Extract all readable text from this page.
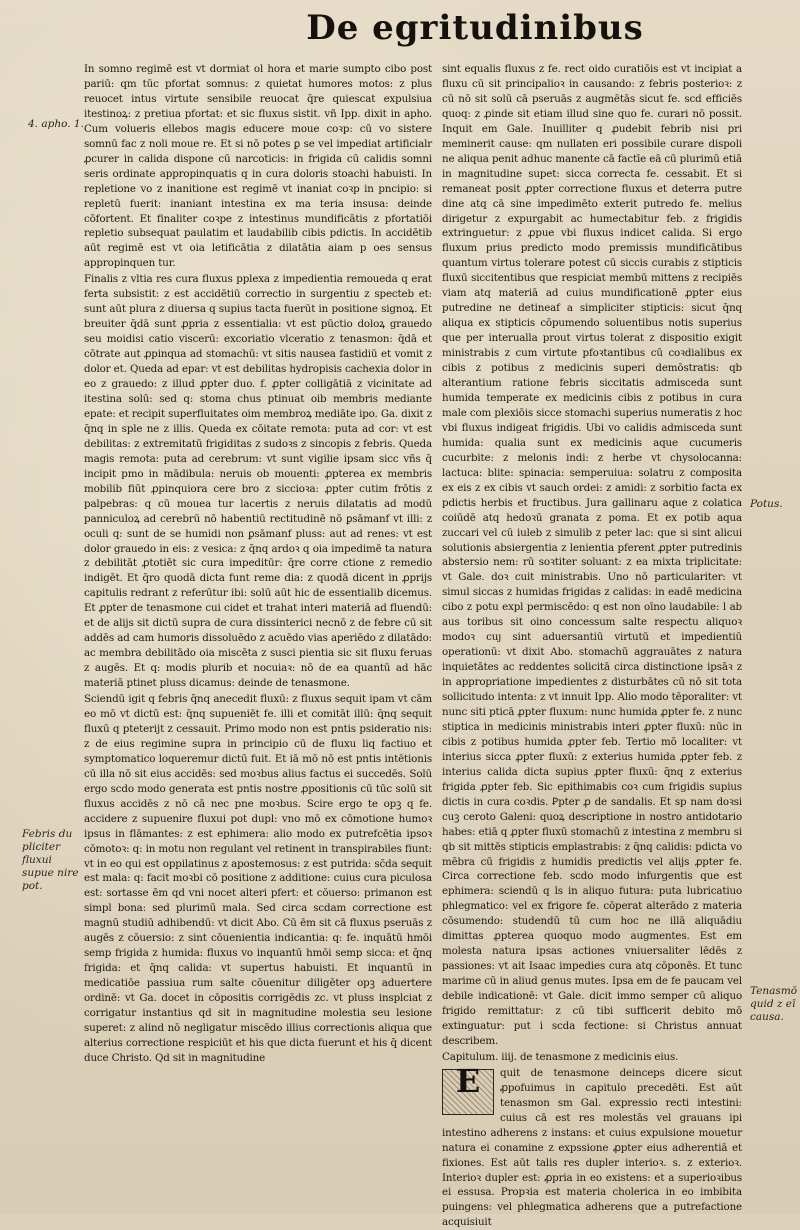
De egritudinibus
4. apho. 1.
Febris du pliciter fluxui supue nire pot.
Potus.
Tenasmō quid z eī causa.

In somno regimē est vt dormiat ol hora et marie sumpto cibo post pariū: qm tūc pfortat somnus: z quietat humores motos: z plus reuocet intus virtute sensibile reuocat q̄re quiescat expulsiua itestinoꝝ: z pretiua pfortat: et sic fluxus sistit. vñ Ipp. dixit in apho. Cum volueris ellebos magis educere moue coꝛp: cū vo sistere somnū fac z noli moue re. Et si nō potes ꝑ se vel impediat artificialr ꝓcurer in calida dispone cū narcoticis: in frigida cū calidis somni seris ordinate appropinquatis q in cura doloris stoachi habuisti. In repletione vo z inanitione est regimē vt inaniat coꝛp in pncipio: si repletū fuerit: inaniant intestina ex ma teria insusa: deinde cōfortent. Et finaliter coꝛpe z intestinus mundificātis z pfortatiōi repletio subsequat paulatim et laudabilib cibis pdictis. In accidētib aūt regimē est vt oia letificātia z dilatātia aiam p oes sensus appropinquen tur.

Finalis z vltia res cura fluxus pplexa z impedientia remoueda q erat ferta subsistit: z est accidētiū correctio in surgentiu z specteb et: sunt aūt plura z diuersa q supius tacta fuerūt in positione signoꝝ. Et breuiter q̄dā sunt ꝓpria z essentialia: vt est pūctio doloꝝ grauedo seu moidisi catio viscerū: excoriatio vlceratio z tenasmon: q̄dā et cōtrate aut ꝓpinqua ad stomachū: vt sitis nausea fastidiū et vomit z dolor et. Queda ad epar: vt est debilitas hydropisis cachexia dolor in eo z grauedo: z illud ꝓpter duo. f. ꝓpter colligātiā z vicinitate ad itestina solū: sed q: stoma chus ptinuat oib membris mediante epate: et recipit superfluitates oim membroꝝ mediāte ipo. Ga. dixit z q̄nq in sple ne z illis. Queda ex cōitate remota: puta ad cor: vt est debilitas: z extremitatū frigiditas z sudoꝛs z sincopis z febris. Queda magis remota: puta ad cerebrum: vt sunt vigilie ipsam sicc vñs q̄ incipit pmo in mādibula: neruis ob mouenti: ꝓpterea ex membris mobilib fiūt ꝓpinquiora cere bro z siccioꝛa: ꝓpter cutim frōtis z palpebras: q cū mouea tur lacertis z neruis dilatatis ad modū panniculoꝝ ad cerebrū nō habentiū rectitudinē nō ꝑsāmanf vt illi: z oculi q: sunt de se humidi non ꝑsāmanf pluss: aut ad renes: vt est dolor grauedo in eis: z vesica: z q̄nq ardoꝛ q oia impedimē ta natura z debilitāt ꝓtotiēt sic cura impeditūr: q̄re corre ctione z remedio indigēt. Et q̄ro quodā dicta funt reme dia: z quodā dicent in ꝓprijs capitulis redrant z referūtur ibi: solū aūt hic de essentialib dicemus. Et ꝓpter de tenasmone cui cidet et trahat interi materiā ad fluendū: et de alijs sit dictū supra de cura dissinterici necnō z de febre cū sit addēs ad cam humoris dissoluēdo z acuēdo vias aperiēdo z dilatādo: ac membra debilitādo oia miscēta z susci pientia sic sit fluxu feruas z augēs. Et q: modis plurib et nocuiaꝛ: nō de ea quantū ad hāc materiā ptinet pluss dicamus: deinde de tenasmone.

Sciendū igit q febris q̄nq anecedit fluxū: z fluxus sequit ipam vt cām eo mō vt dictū est: q̄nq supueniēt fe. illi et comitāt illū: q̄nq sequit fluxū q pteterijt z cessauit. Primo modo non est pntis psideratio nis: z de eius regimine supra in principio cū de fluxu liq factiuo et symptomatico loqueremur dictū fuit. Et iā mō nō est pntis intētionis cū illa nō sit eius accidēs: sed moꝛbus alius factus ei succedēs. Solū ergo scdo modo generata est pntis nostre ꝓpositionis cū tūc solū sit fluxus accidēs z nō cā nec pne moꝛbus. Scire ergo te opꝫ q fe. accidere z supuenire fluxui pot dupl: vno mō ex cōmotione humoꝛ ipsus in flāmantes: z est ephimera: alio modo ex putrefcētia ipsoꝛ cōmotoꝛ: q: in motu non regulant vel retinent in transpirabiles fiunt: vt in eo qui est oppilatinus z apostemosus: z est putrida: sc̄da sequit est mala: q: facit moꝛbi cō positione z additione: cuius cura piculosa est: sortasse ēm qd vni nocet alteri pfert: et cōuerso: primanon est simpl bona: sed plurimū mala. Sed circa scdam correctione est magnū studiū adhibendū: vt dicit Abo. Cū ēm sit cā fluxus pseruās z augēs z cōuersio: z sint cōuenientia indicantia: q: fe. inquātū hmōi semp frigida z humida: fluxus vo inquantū hmōi semp sicca: et q̄nq frigida: et q̄nq calida: vt supertus habuisti. Et inquantū in medicatiōe passiua rum salte cōuenitur diligēter opꝫ aduertere ordinē: vt Ga. docet in cōpositis corrigēdis zc. vt pluss insplciat z corrigatur instantius qd sit in magnitudine molestia seu lesione superet: z alind nō negligatur miscēdo illius correctionis aliqua que alterius correctione respiciūt et his que dicta fuerunt et his q̄ dicent duce Christo. Qd sit in magnitudine

sint equalis fluxus z fe. rect oido curatiōis est vt incipiat a fluxu cū sit principalioꝛ in causando: z febris posterioꝛ: z cū nō sit solū cā pseruās z augmētās sicut fe. scd efficiēs quoq: z ꝓinde sit etiam illud sine quo fe. curari nō possit. Inquit em Gale. Inuilliter q ꝓudebit febrib nisi pri meminerit cause: qm nullaten eri possibile curare dispoli ne aliqua penit adhuc manente cā factīe eā cū plurimū etiā in magnitudine supet: sicca correcta fe. cessabit. Et si remaneat posit ꝓpter correctione fluxus et deterra putre dine atq cā sine impedimēto exterit putredo fe. melius dirigetur z expurgabit ac humectabitur feb. z frigidis extringuetur: z ꝓpue vbi fluxus indicet calida. Si ergo fluxum prius predicto modo premissis mundificātibus quantum virtus tolerare potest cū siccis curabis z stipticis fluxū siccitentibus que respiciat membū mittens z recipiēs viam atq materiā ad cuius mundificationē ꝓpter eius putredine ne detineaf a simpliciter stipticis: sicut q̄nq aliqua ex stipticis cōpumendo soluentibus notis superius que per interualla prout virtus tolerat z dispositio exigit ministrabis z cum virtute pfoꝛtantibus cū coꝛdialibus ex cibis z potibus z medicinis superi demōstratis: qb alterantium ratione febris siccitatis admisceda sunt humida temperate ex medicinis cibis z potibus in cura male com plexiōis sicce stomachi superius numeratis z hoc vbi fluxus indigeat frigidis. Ubi vo calidis admisceda sunt humida: qualia sunt ex medicinis aque cucumeris cucurbite: z melonis indi: z herbe vt chysolocanna: lactuca: blite: spinacia: semperuiua: solatru z composita ex eis z ex cibis vt sauch ordei: z amidi: z sorbitio facta ex pdictis herbis et fructibus. Jura gallinaru aque z colatica coiūdē atq hedoꝛū granata z poma. Et ex potib aqua zuccari vel cū iuleb z simulib z peter lac: que si sint alicui solutionis absiergentia z lenientia pferent ꝓpter putredinis abstersio nem: rū soꝛtiter soluant: z ea mixta triplicitate: vt Gale. doꝛ cuit ministrabis. Uno nō particulariter: vt simul siccas z humidas frigidas z calidas: in eadē medicina cibo z potu expl permiscēdo: q est non oīno laudabile: l ab aus toribus sit oino concessum salte respectu aliquoꝛ modoꝛ cuȷ sint aduersantiū virtutū et impedientiū operationū: vt dixit Abo. stomachū aggrauātes z natura inquietātes ac reddentes solicitā circa distinctione ipsāꝛ z in appropriatione impedientes z disturbātes cū nō sit tota sollicitudo intenta: z vt innuit Ipp. Alio modo tēporaliter: vt nunc siti pticā ꝓpter fluxum: nunc humida ꝓpter fe. z nunc stiptica in medicinis ministrabis interi ꝓpter fluxū: nūc in cibis z potibus humida ꝓpter feb. Tertio mō localiter: vt interius sicca ꝓpter fluxū: z exterius humida ꝓpter feb. z interius calida dicta supius ꝓpter fluxū: q̄nq z exterius frigida ꝓpter feb. Sic epithimabis coꝛ cum frigidis supius dictis in cura coꝛdis. Ꝑpter ꝓ de sandalis. Et sp nam doꝛsi cuꝫ ceroto Galeni: quoꝝ descriptione in nostro antidotario habes: etiā q ꝓpter fluxū stomachū z intestina z membru si qb sit mittēs stipticis emplastrabis: z q̄nq calidis: pdicta vo mēbra cū frigidis z humidis predictis vel alijs ꝓpter fe. Circa correctione feb. scdo modo infurgentis que est ephimera: sciendū q ls in aliquo futura: puta lubricatiuo phlegmatico: vel ex frigore fe. cōperat alterādo z materia cōsumendo: studendū tū cum hoc ne illā aliquādiu dimittas ꝓpterea quoquo modo augmentes. Est em molesta natura ipsas actiones vniuersaliter lēdēs z passiones: vt ait Isaac impedies cura atq cōponēs. Et tunc marime cū in aliud genus mutes. Ipsa em de fe paucam vel debile indicationē: vt Gale. dicit immo semper cū aliquo frigido remittatur: z cū tibi sufficerit debito mō extinguatur: put i scda fectione: si Christus annuat describem.

Capitulum. iiij. de tenasmone z medicinis eius.

E	quit de tenasmone deinceps dicere sicut ꝓpofuimus in capitulo precedēti. Est aūt tenasmon sm Gal. expressio recti intestini: cuius cā est res molestās vel grauans ipi intestino adherens z instans: et cuius expulsione mouetur natura ei conamine z expssione ꝓpter eius adherentiā et fixiones. Est aūt talis res dupler interioꝛ. s. z exterioꝛ. Interioꝛ dupler est: ꝓpria in eo existens: et a superioꝛibus ei essusa. Propꝛia est materia cholerica in eo imbibita puingens: vel phlegmatica adherens que a putrefactione acquisiuit
